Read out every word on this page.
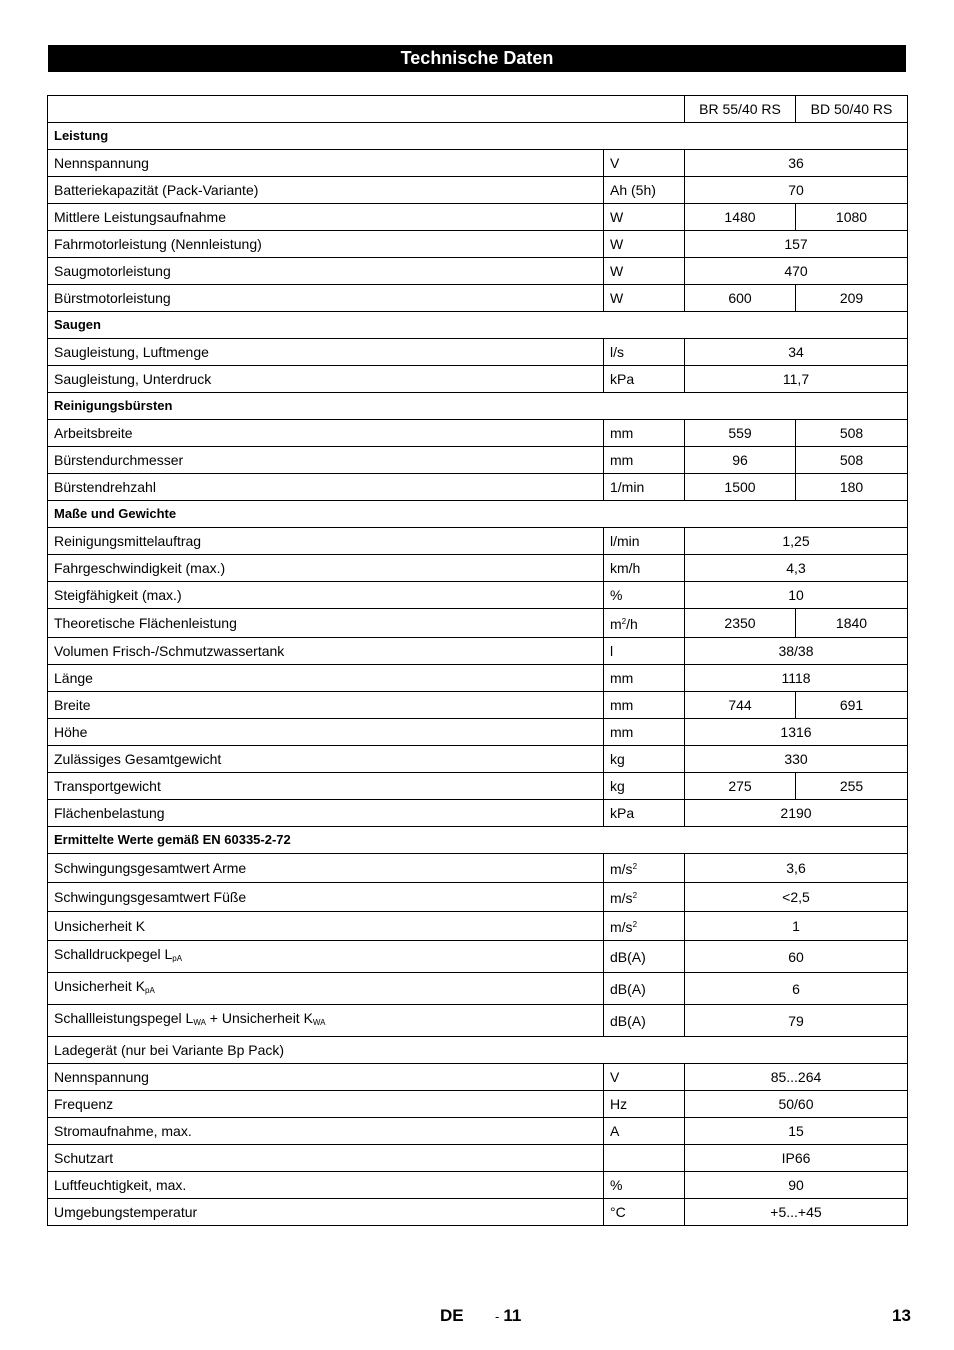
Technische Daten
		BR 55/40 RS	BD 50/40 RS
Leistung			
Nennspannung	V	36	
Batteriekapazität (Pack-Variante)	Ah (5h)	70	
Mittlere Leistungsaufnahme	W	1480	1080
Fahrmotorleistung (Nennleistung)	W	157	
Saugmotorleistung	W	470	
Bürstmotorleistung	W	600	209
Saugen			
Saugleistung, Luftmenge	l/s	34	
Saugleistung, Unterdruck	kPa	11,7	
Reinigungsbürsten			
Arbeitsbreite	mm	559	508
Bürstendurchmesser	mm	96	508
Bürstendrehzahl	1/min	1500	180
Maße und Gewichte			
Reinigungsmittelauftrag	l/min	1,25	
Fahrgeschwindigkeit (max.)	km/h	4,3	
Steigfähigkeit (max.)	%	10	
Theoretische Flächenleistung	$m^2/h$	2350	1840
Volumen Frisch-/Schmutzwassertank	l	38/38	
Länge	mm	1118	
Breite	mm	744	691
Höhe	mm	1316	
Zulässiges Gesamtgewicht	kg	330	
Transportgewicht	kg	275	255
Flächenbelastung	kPa	2190	
Ermittelte Werte gemäß EN 60335-2-72			
Schwingungsgesamtwert Arme	$m/s^2$	3,6	
Schwingungsgesamtwert Füße	$m/s^2$	<2,5	
Unsicherheit K	$m/s^2$	1	
Schalldruckpegel $L_{pA}$	dB(A)	60	
Unsicherheit $K_{pA}$	dB(A)	6	
Schallleistungspegel $L_{WA}$ + Unsicherheit $K_{WA}$	dB(A)	79	
Ladegerät (nur bei Variante Bp Pack)			
Nennspannung	V	85...264	
Frequenz	Hz	50/60	
Stromaufnahme, max.	A	15	
Schutzart		IP66	
Luftfeuchtigkeit, max.	%	90	
Umgebungstemperatur	°C	+5...+45	
DE - 11	13
